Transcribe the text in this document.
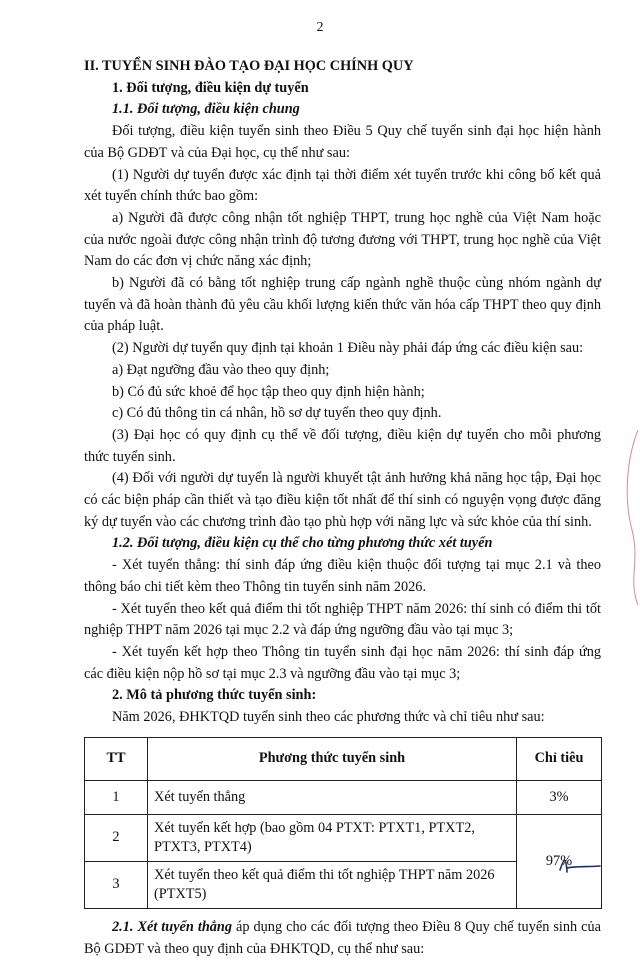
2

II. TUYỂN SINH ĐÀO TẠO ĐẠI HỌC CHÍNH QUY

1. Đối tượng, điều kiện dự tuyển

1.1. Đối tượng, điều kiện chung

Đối tượng, điều kiện tuyển sinh theo Điều 5 Quy chế tuyển sinh đại học hiện hành của Bộ GDĐT và của Đại học, cụ thể như sau:

(1) Người dự tuyển được xác định tại thời điểm xét tuyển trước khi công bố kết quả xét tuyển chính thức bao gồm:

a) Người đã được công nhận tốt nghiệp THPT, trung học nghề của Việt Nam hoặc của nước ngoài được công nhận trình độ tương đương với THPT, trung học nghề của Việt Nam do các đơn vị chức năng xác định;

b) Người đã có bằng tốt nghiệp trung cấp ngành nghề thuộc cùng nhóm ngành dự tuyển và đã hoàn thành đủ yêu cầu khối lượng kiến thức văn hóa cấp THPT theo quy định của pháp luật.

(2) Người dự tuyển quy định tại khoản 1 Điều này phải đáp ứng các điều kiện sau:

a) Đạt ngưỡng đầu vào theo quy định;

b) Có đủ sức khoẻ để học tập theo quy định hiện hành;

c) Có đủ thông tin cá nhân, hồ sơ dự tuyển theo quy định.

(3) Đại học có quy định cụ thể về đối tượng, điều kiện dự tuyển cho mỗi phương thức tuyển sinh.

(4) Đối với người dự tuyển là người khuyết tật ảnh hưởng khả năng học tập, Đại học có các biện pháp cần thiết và tạo điều kiện tốt nhất để thí sinh có nguyện vọng được đăng ký dự tuyển vào các chương trình đào tạo phù hợp với năng lực và sức khỏe của thí sinh.

1.2. Đối tượng, điều kiện cụ thể cho từng phương thức xét tuyển

- Xét tuyển thẳng: thí sinh đáp ứng điều kiện thuộc đối tượng tại mục 2.1 và theo thông báo chi tiết kèm theo Thông tin tuyển sinh năm 2026.

- Xét tuyển theo kết quả điểm thi tốt nghiệp THPT năm 2026: thí sinh có điểm thi tốt nghiệp THPT năm 2026 tại mục 2.2 và đáp ứng ngưỡng đầu vào tại mục 3;

- Xét tuyển kết hợp theo Thông tin tuyển sinh đại học năm 2026: thí sinh đáp ứng các điều kiện nộp hồ sơ tại mục 2.3 và ngưỡng đầu vào tại mục 3;

2. Mô tả phương thức tuyển sinh:

Năm 2026, ĐHKTQD tuyển sinh theo các phương thức và chỉ tiêu như sau:

TT	Phương thức tuyển sinh	Chỉ tiêu
1	Xét tuyển thẳng	3%
2	Xét tuyển kết hợp (bao gồm 04 PTXT: PTXT1, PTXT2, PTXT3, PTXT4)	97%
3	Xét tuyển theo kết quả điểm thi tốt nghiệp THPT năm 2026 (PTXT5)	

2.1. Xét tuyển thẳng áp dụng cho các đối tượng theo Điều 8 Quy chế tuyển sinh của Bộ GDĐT và theo quy định của ĐHKTQD, cụ thể như sau:
